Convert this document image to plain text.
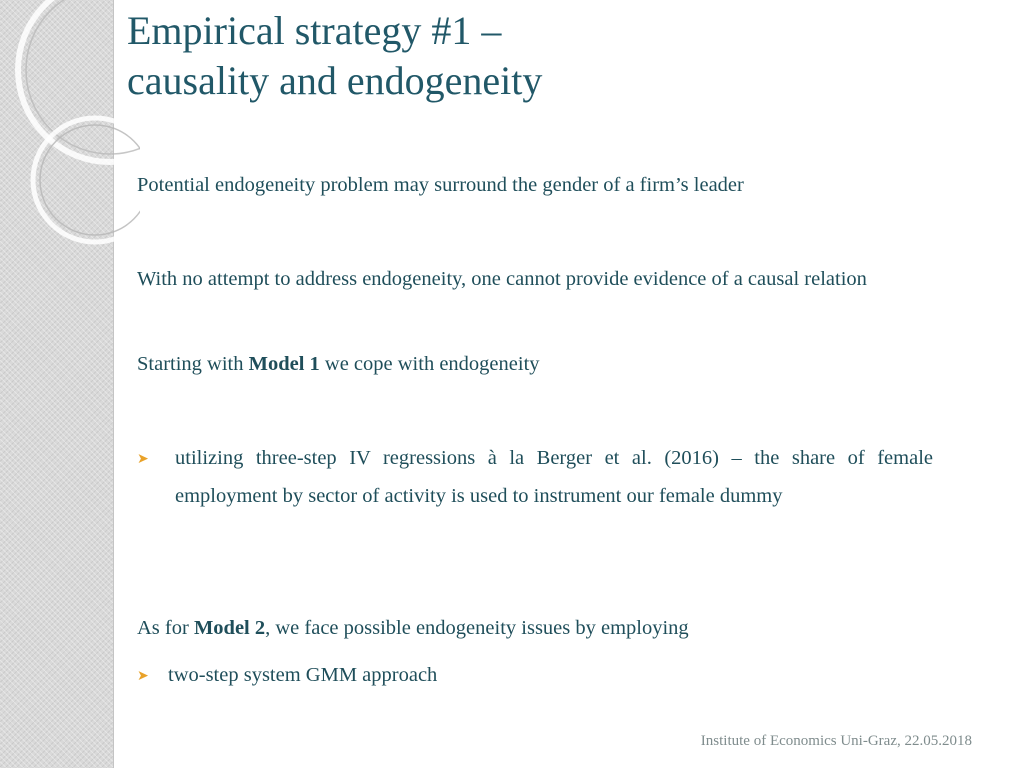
Empirical strategy #1 –
causality and endogeneity

Potential endogeneity problem may surround the gender of a firm’s leader

With no attempt to address endogeneity, one cannot provide evidence of a causal relation

Starting with Model 1 we cope with endogeneity

➤ utilizing three-step IV regressions à la Berger et al. (2016) – the share of female employment by sector of activity is used to instrument our female dummy

As for Model 2, we face possible endogeneity issues by employing

➤ two-step system GMM approach

Institute of Economics Uni-Graz, 22.05.2018
